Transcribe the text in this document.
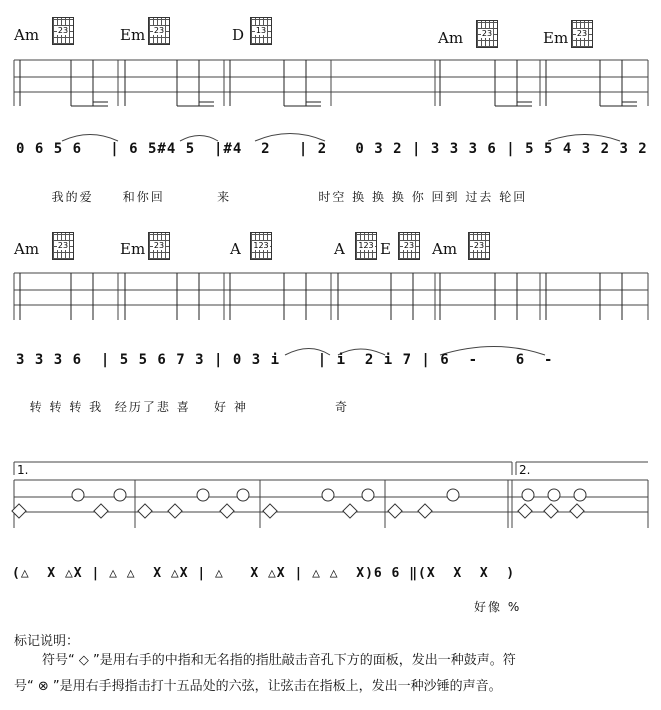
Am	23	Em	23	D	13	Am	23	Em	23
0 6 5 6   | 6 5#4 5  |#4  2   | 2   0 3 2 | 3 3 3 6 | 5 5 4 3 2 3 2

我的爱 和你回	来	时空 换 换 换 你 回到 过去 轮回

Am	23	Em	23	A	123	A	123 E	23	Am	23
3 3 3 6  | 5 5 6 7 3 | 0 3 i    | i  2 i 7 | 6  -    6  -

转 转 转 我 经历了悲 喜 好 神	奇

1.	2.
(△  X △X | △ △  X △X | △   X △X | △ △  X)6 6 ‖(X  X  X  )
好像 %
标记说明：
符号“ ◇ ”是用右手的中指和无名指的指肚敲击音孔下方的面板，发出一种鼓声。符
号“ ⊗ ”是用右手拇指击打十五品处的六弦，让弦击在指板上，发出一种沙锤的声音。
